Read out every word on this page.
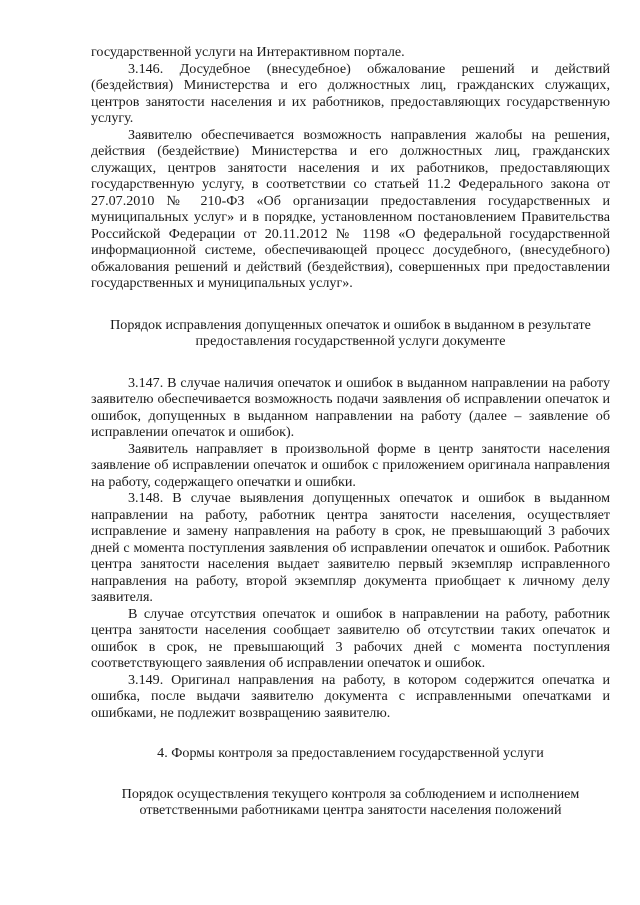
государственной услуги на Интерактивном портале.

3.146. Досудебное (внесудебное) обжалование решений и действий (бездействия) Министерства и его должностных лиц, гражданских служащих, центров занятости населения и их работников, предоставляющих государственную услугу.

Заявителю обеспечивается возможность направления жалобы на решения, действия (бездействие) Министерства и его должностных лиц, гражданских служащих, центров занятости населения и их работников, предоставляющих государственную услугу, в соответствии со статьей 11.2 Федерального закона от 27.07.2010 № 210-ФЗ «Об организации предоставления государственных и муниципальных услуг» и в порядке, установленном постановлением Правительства Российской Федерации от 20.11.2012 № 1198 «О федеральной государственной информационной системе, обеспечивающей процесс досудебного, (внесудебного) обжалования решений и действий (бездействия), совершенных при предоставлении государственных и муниципальных услуг».

Порядок исправления допущенных опечаток и ошибок в выданном в результате предоставления государственной услуги документе

3.147. В случае наличия опечаток и ошибок в выданном направлении на работу заявителю обеспечивается возможность подачи заявления об исправлении опечаток и ошибок, допущенных в выданном направлении на работу (далее – заявление об исправлении опечаток и ошибок).

Заявитель направляет в произвольной форме в центр занятости населения заявление об исправлении опечаток и ошибок с приложением оригинала направления на работу, содержащего опечатки и ошибки.

3.148. В случае выявления допущенных опечаток и ошибок в выданном направлении на работу, работник центра занятости населения, осуществляет исправление и замену направления на работу в срок, не превышающий 3 рабочих дней с момента поступления заявления об исправлении опечаток и ошибок. Работник центра занятости населения выдает заявителю первый экземпляр исправленного направления на работу, второй экземпляр документа приобщает к личному делу заявителя.

В случае отсутствия опечаток и ошибок в направлении на работу, работник центра занятости населения сообщает заявителю об отсутствии таких опечаток и ошибок в срок, не превышающий 3 рабочих дней с момента поступления соответствующего заявления об исправлении опечаток и ошибок.

3.149. Оригинал направления на работу, в котором содержится опечатка и ошибка, после выдачи заявителю документа с исправленными опечатками и ошибками, не подлежит возвращению заявителю.

4. Формы контроля за предоставлением государственной услуги

Порядок осуществления текущего контроля за соблюдением и исполнением ответственными работниками центра занятости населения положений
